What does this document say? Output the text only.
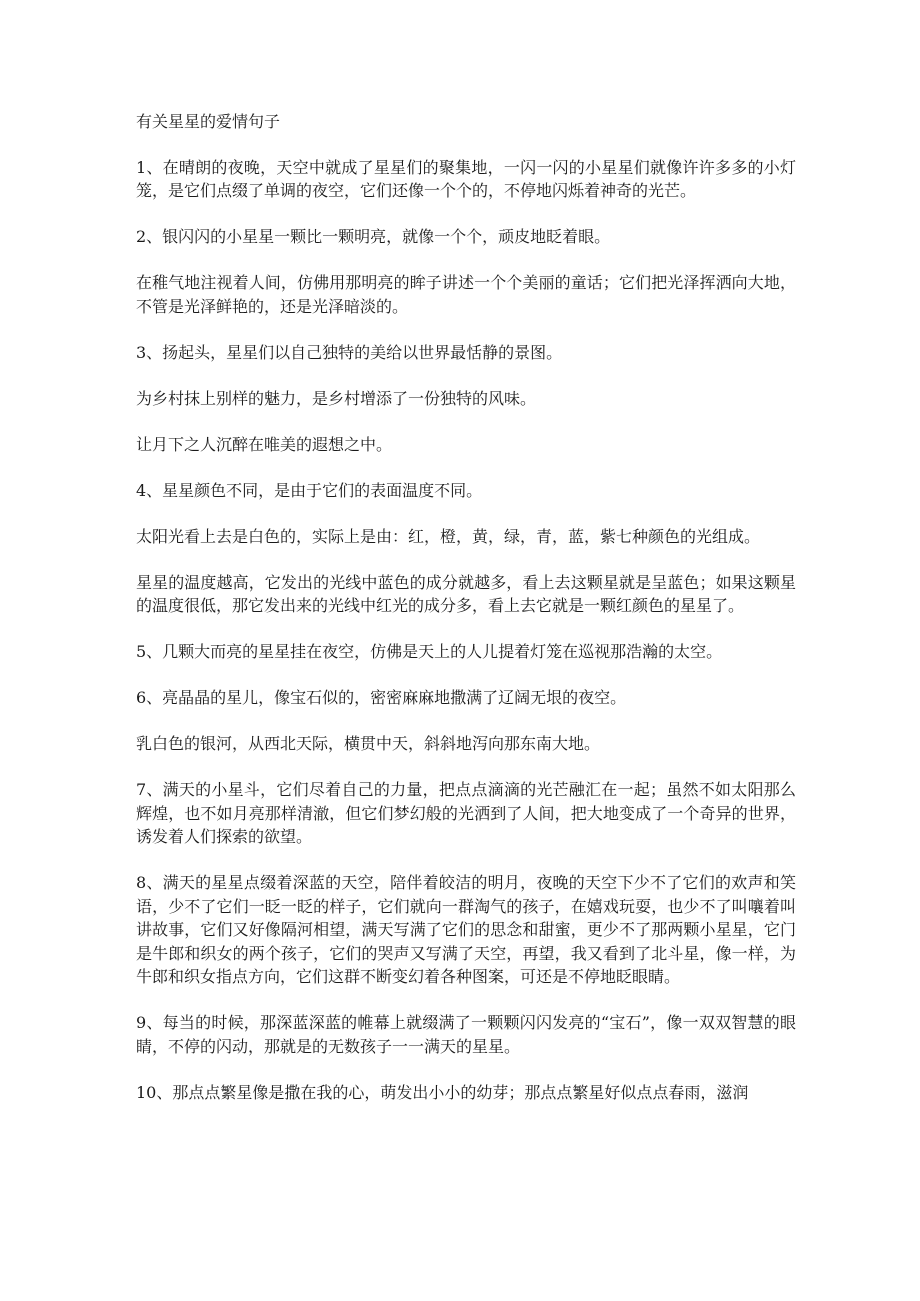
有关星星的爱情句子

1、在晴朗的夜晚，天空中就成了星星们的聚集地，一闪一闪的小星星们就像许许多多的小灯笼，是它们点缀了单调的夜空，它们还像一个个的，不停地闪烁着神奇的光芒。

2、银闪闪的小星星一颗比一颗明亮，就像一个个，顽皮地眨着眼。

在稚气地注视着人间，仿佛用那明亮的眸子讲述一个个美丽的童话；它们把光泽挥洒向大地，不管是光泽鲜艳的，还是光泽暗淡的。

3、扬起头，星星们以自己独特的美给以世界最恬静的景图。

为乡村抹上别样的魅力，是乡村增添了一份独特的风味。

让月下之人沉醉在唯美的遐想之中。

4、星星颜色不同，是由于它们的表面温度不同。

太阳光看上去是白色的，实际上是由：红，橙，黄，绿，青，蓝，紫七种颜色的光组成。

星星的温度越高，它发出的光线中蓝色的成分就越多，看上去这颗星就是呈蓝色；如果这颗星的温度很低，那它发出来的光线中红光的成分多，看上去它就是一颗红颜色的星星了。

5、几颗大而亮的星星挂在夜空，仿佛是天上的人儿提着灯笼在巡视那浩瀚的太空。

6、亮晶晶的星儿，像宝石似的，密密麻麻地撒满了辽阔无垠的夜空。

乳白色的银河，从西北天际，横贯中天，斜斜地泻向那东南大地。

7、满天的小星斗，它们尽着自己的力量，把点点滴滴的光芒融汇在一起；虽然不如太阳那么辉煌，也不如月亮那样清澈，但它们梦幻般的光洒到了人间，把大地变成了一个奇异的世界，诱发着人们探索的欲望。

8、满天的星星点缀着深蓝的天空，陪伴着皎洁的明月，夜晚的天空下少不了它们的欢声和笑语，少不了它们一眨一眨的样子，它们就向一群淘气的孩子，在嬉戏玩耍，也少不了叫嚷着叫讲故事，它们又好像隔河相望，满天写满了它们的思念和甜蜜，更少不了那两颗小星星，它门是牛郎和织女的两个孩子，它们的哭声又写满了天空，再望，我又看到了北斗星，像一样，为牛郎和织女指点方向，它们这群不断变幻着各种图案，可还是不停地眨眼睛。

9、每当的时候，那深蓝深蓝的帷幕上就缀满了一颗颗闪闪发亮的“宝石”，像一双双智慧的眼睛，不停的闪动，那就是的无数孩子一一满天的星星。

10、那点点繁星像是撒在我的心，萌发出小小的幼芽；那点点繁星好似点点春雨，滋润
